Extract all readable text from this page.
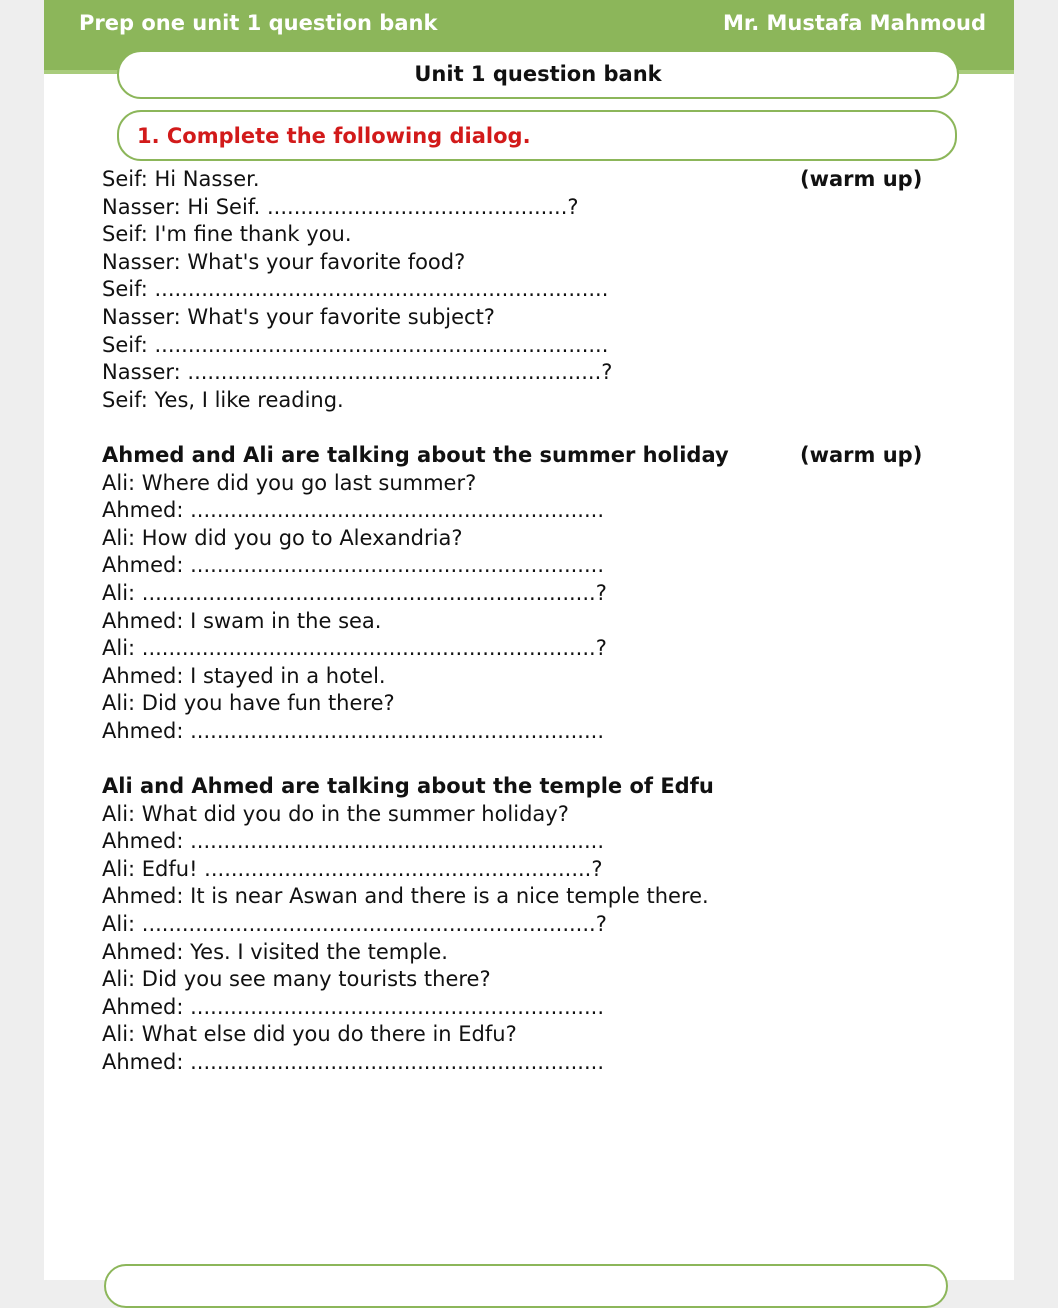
Prep one unit 1 question bank	Mr. Mustafa Mahmoud
Unit 1 question bank
1. Complete the following dialog.
Seif: Hi Nasser.	(warm up)
Nasser: Hi Seif. .............................................?
Seif: I'm fine thank you.
Nasser: What's your favorite food?
Seif: ....................................................................
Nasser: What's your favorite subject?
Seif: ....................................................................
Nasser: ..............................................................?
Seif: Yes, I like reading.
Ahmed and Ali are talking about the summer holiday	(warm up)
Ali: Where did you go last summer?
Ahmed: ..............................................................
Ali: How did you go to Alexandria?
Ahmed: ..............................................................
Ali: ....................................................................?
Ahmed: I swam in the sea.
Ali: ....................................................................?
Ahmed: I stayed in a hotel.
Ali: Did you have fun there?
Ahmed: ..............................................................
Ali and Ahmed are talking about the temple of Edfu
Ali: What did you do in the summer holiday?
Ahmed: ..............................................................
Ali: Edfu! ..........................................................?
Ahmed: It is near Aswan and there is a nice temple there.
Ali: ....................................................................?
Ahmed: Yes. I visited the temple.
Ali: Did you see many tourists there?
Ahmed: ..............................................................
Ali: What else did you do there in Edfu?
Ahmed: ..............................................................
